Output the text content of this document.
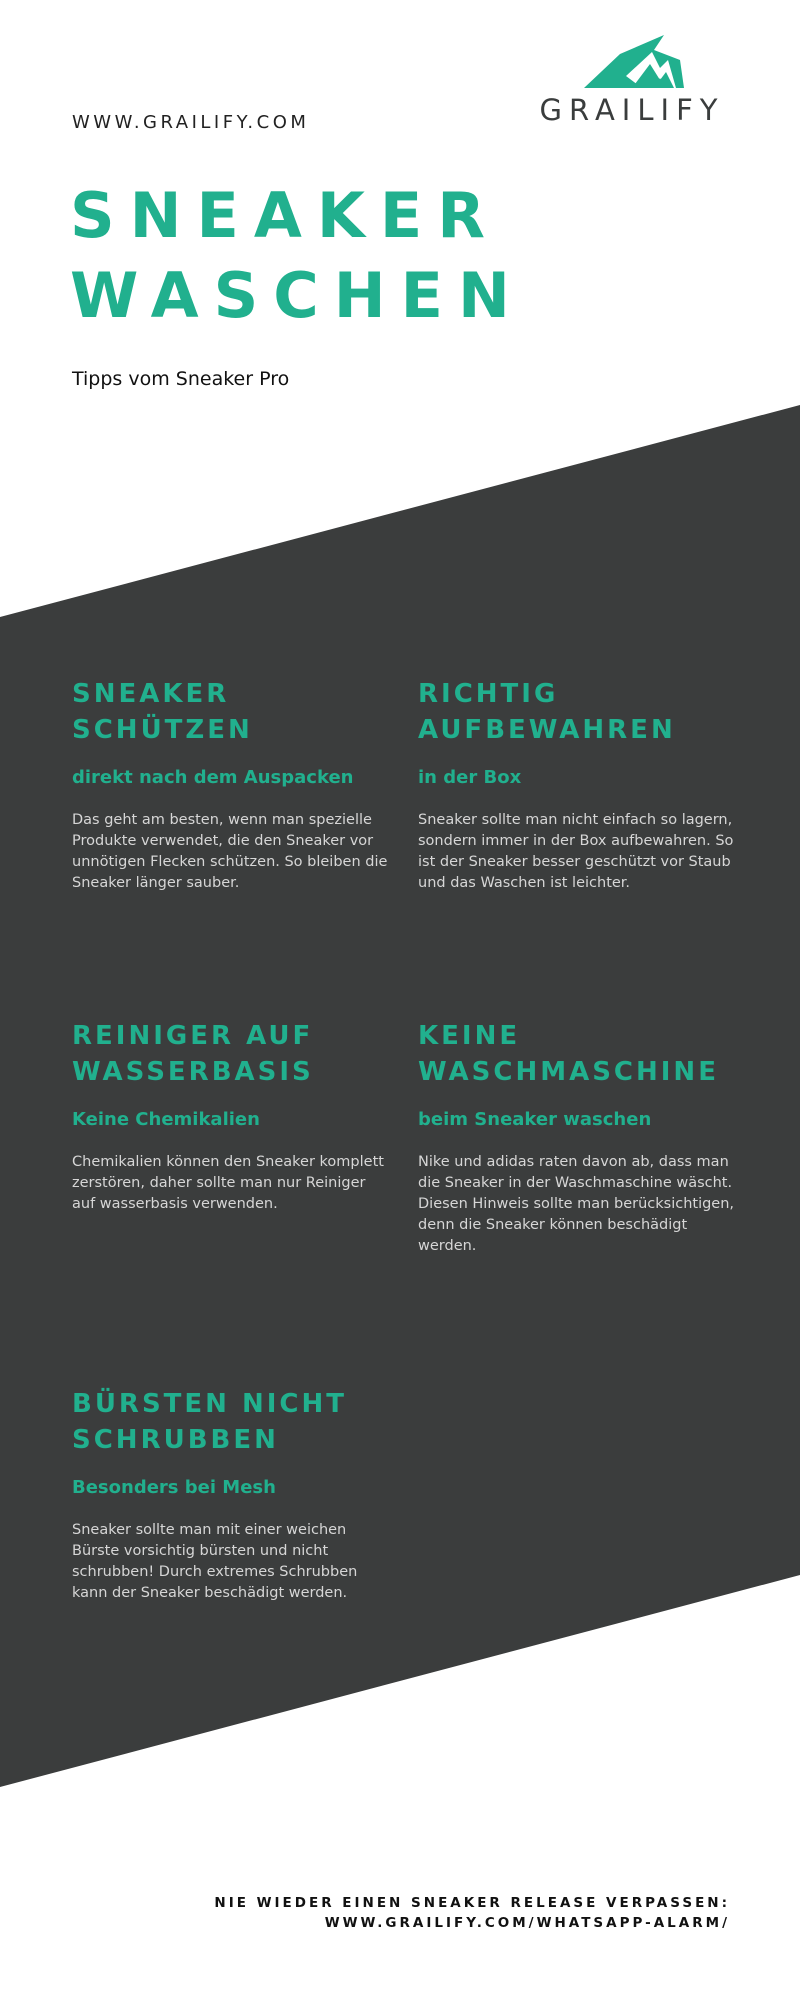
WWW.GRAILIFY.COM	GRAILIFY
SNEAKER
WASCHEN
Tipps vom Sneaker Pro
SNEAKER
SCHÜTZEN
direkt nach dem Auspacken

Das geht am besten, wenn man spezielle Produkte verwendet, die den Sneaker vor unnötigen Flecken schützen. So bleiben die Sneaker länger sauber.

RICHTIG
AUFBEWAHREN
in der Box

Sneaker sollte man nicht einfach so lagern, sondern immer in der Box aufbewahren. So ist der Sneaker besser geschützt vor Staub und das Waschen ist leichter.

REINIGER AUF
WASSERBASIS
Keine Chemikalien

Chemikalien können den Sneaker komplett zerstören, daher sollte man nur Reiniger auf wasserbasis verwenden.

KEINE
WASCHMASCHINE
beim Sneaker waschen

Nike und adidas raten davon ab, dass man die Sneaker in der Waschmaschine wäscht. Diesen Hinweis sollte man berücksichtigen, denn die Sneaker können beschädigt werden.

BÜRSTEN NICHT
SCHRUBBEN
Besonders bei Mesh

Sneaker sollte man mit einer weichen Bürste vorsichtig bürsten und nicht schrubben! Durch extremes Schrubben kann der Sneaker beschädigt werden.

NIE WIEDER EINEN SNEAKER RELEASE VERPASSEN:
WWW.GRAILIFY.COM/WHATSAPP-ALARM/
